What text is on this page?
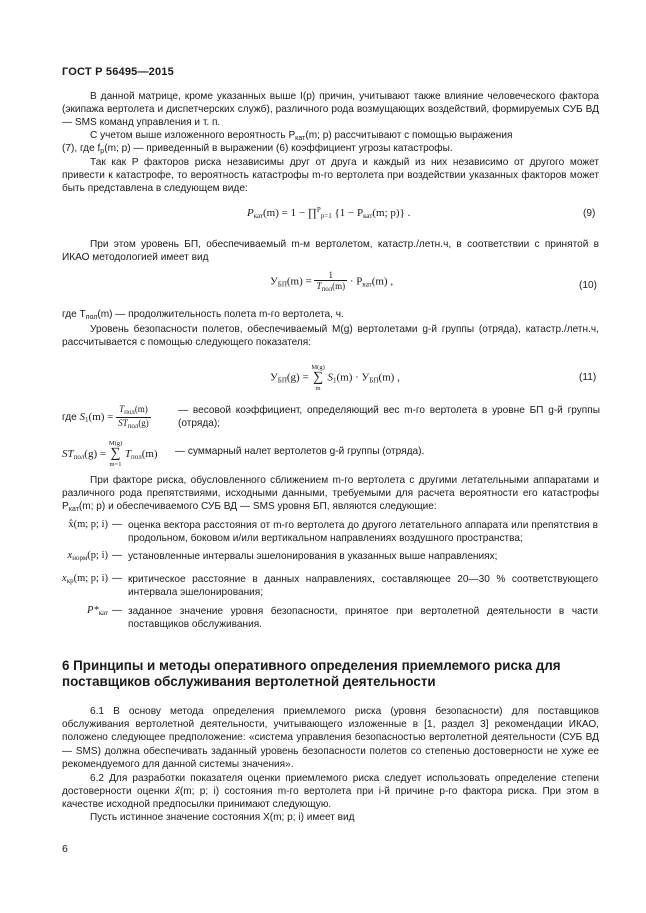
ГОСТ Р 56495—2015
В данной матрице, кроме указанных выше I(p) причин, учитывают также влияние человеческого фактора (экипажа вертолета и диспетчерских служб), различного рода возмущающих воздействий, формируемых СУБ ВД — SMS команд управления и т. п.
С учетом выше изложенного вероятность $P_{кат}(m$; p) рассчитывают с помощью выражения
(7), где $f_p(m$; p) — приведенный в выражении (6) коэффициент угрозы катастрофы.
Так как P факторов риска независимы друг от друга и каждый из них независимо от другого может привести к катастрофе, то вероятность катастрофы m-го вертолета при воздействии указанных факторов может быть представлена в следующем виде:
$P_{кат}(m) = 1$ − ∏$^P_{p=1}$ {$1 - P_{кат}(m$; p)} .	(9)
При этом уровень БП, обеспечиваемый m-м вертолетом, катастр./летн.ч, в соответствии с принятой в ИКАО методологией имеет вид
$У_{БП}(m) = \frac{1}{T_{пол}(m)} \cdot P_{кат}(m)$ ,	(10)
где $T_{пол}(m)$ — продолжительность полета m-го вертолета, ч.
Уровень безопасности полетов, обеспечиваемый M(g) вертолетами g-й группы (отряда), катастр./летн.ч, рассчитывается с помощью следующего показателя:
$У_{БП}(g) = M(g)$
∑
m $S_1(m) \cdot У_{БП}(m)$ ,	(11)
где $S_1(m) = \frac{T_{пол}(m)}{ST_{пол}(g)}$	— весовой коэффициент, определяющий вес m-го вертолета в уровне БП g-й группы (отряда);
$ST_{пол}(g) = M(g)$
∑
m=1 $T_{пол}(m)$ — суммарный налет вертолетов g-й группы (отряда).
При факторе риска, обусловленного сближением m-го вертолета с другими летательными аппаратами и различного рода препятствиями, исходными данными, требуемыми для расчета вероятности его катастрофы $P_{кат}(m$; p) и обеспечиваемого СУБ ВД — SMS уровня БП, являются следующие:
x̂(m; p; i) — оценка вектора расстояния от m-го вертолета до другого летательного аппарата или препятствия в продольном, боковом и/или вертикальном направлениях воздушного пространства;
$x_{норм}(p$; i) — установленные интервалы эшелонирования в указанных выше направлениях;
$x_{кр}(m$; p; i) — критическое расстояние в данных направлениях, составляющее 20—30 % соответствующего интервала эшелонирования;
$P*_{кат}$ — заданное значение уровня безопасности, принятое при вертолетной деятельности в части поставщиков обслуживания.
6 Принципы и методы оперативного определения приемлемого риска для поставщиков обслуживания вертолетной деятельности
6.1 В основу метода определения приемлемого риска (уровня безопасности) для поставщиков обслуживания вертолетной деятельности, учитывающего изложенные в [1, раздел 3] рекомендации ИКАО, положено следующее предположение: «система управления безопасностью вертолетной деятельности (СУБ ВД — SMS) должна обеспечивать заданный уровень безопасности полетов со степенью достоверности не хуже ее рекомендуемого для данной системы значения».
6.2 Для разработки показателя оценки приемлемого риска следует использовать определение степени достоверности оценки x̂(m; p; i) состояния m-го вертолета при i-й причине p-го фактора риска. При этом в качестве исходной предпосылки принимают следующую.
Пусть истинное значение состояния X(m; p; i) имеет вид
6
